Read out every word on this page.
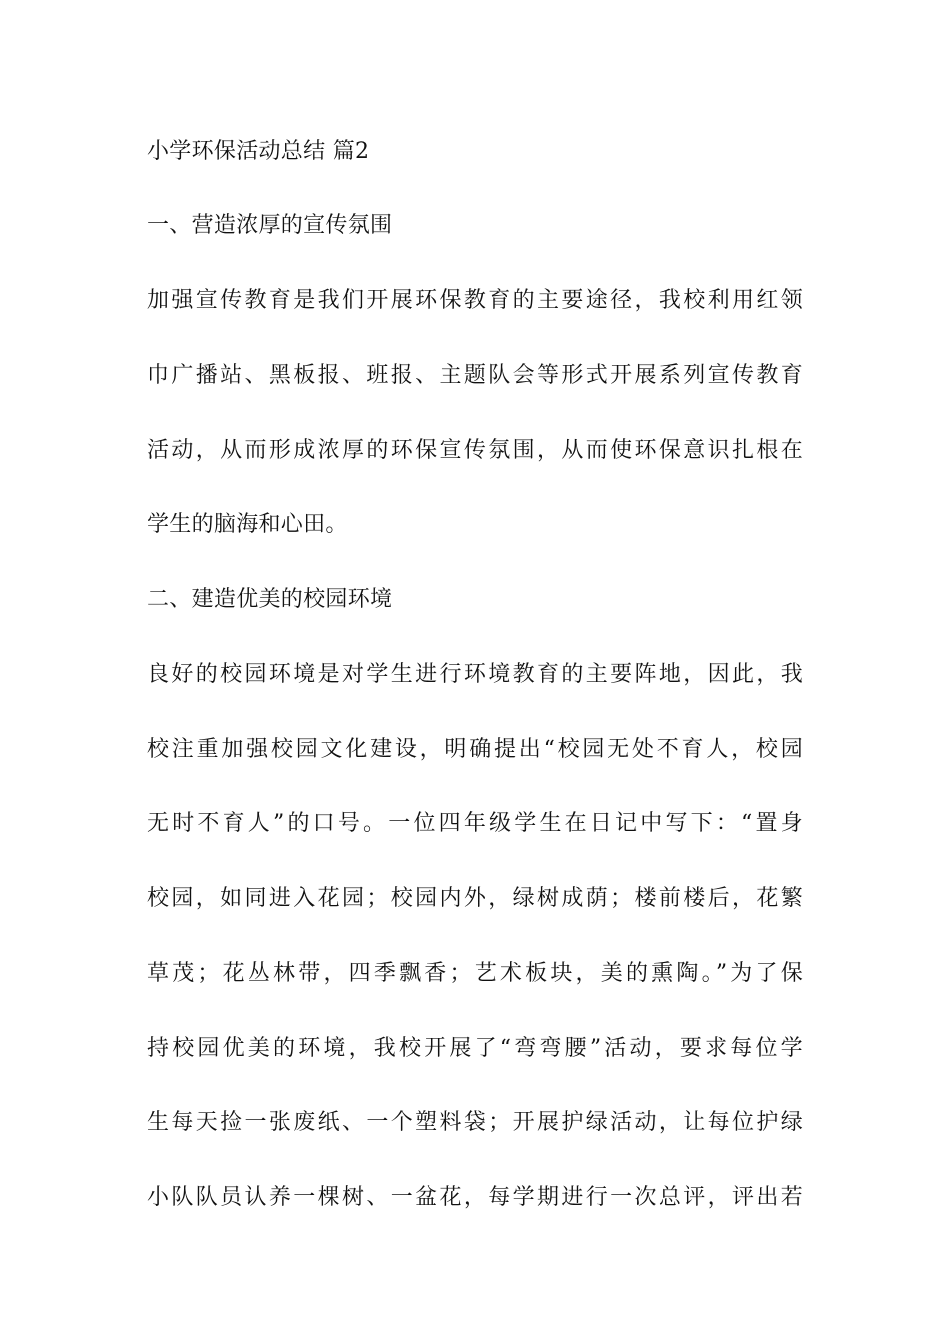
小学环保活动总结 篇2
一、营造浓厚的宣传氛围
加强宣传教育是我们开展环保教育的主要途径，我校利用红领
巾广播站、黑板报、班报、主题队会等形式开展系列宣传教育
活动，从而形成浓厚的环保宣传氛围，从而使环保意识扎根在
学生的脑海和心田。
二、建造优美的校园环境
良好的校园环境是对学生进行环境教育的主要阵地，因此，我
校注重加强校园文化建设，明确提出“校园无处不育人，校园
无时不育人”的口号。一位四年级学生在日记中写下：“置身
校园，如同进入花园；校园内外，绿树成荫；楼前楼后，花繁
草茂；花丛林带，四季飘香；艺术板块，美的熏陶。”为了保
持校园优美的环境，我校开展了“弯弯腰”活动，要求每位学
生每天捡一张废纸、一个塑料袋；开展护绿活动，让每位护绿
小队队员认养一棵树、一盆花，每学期进行一次总评，评出若
